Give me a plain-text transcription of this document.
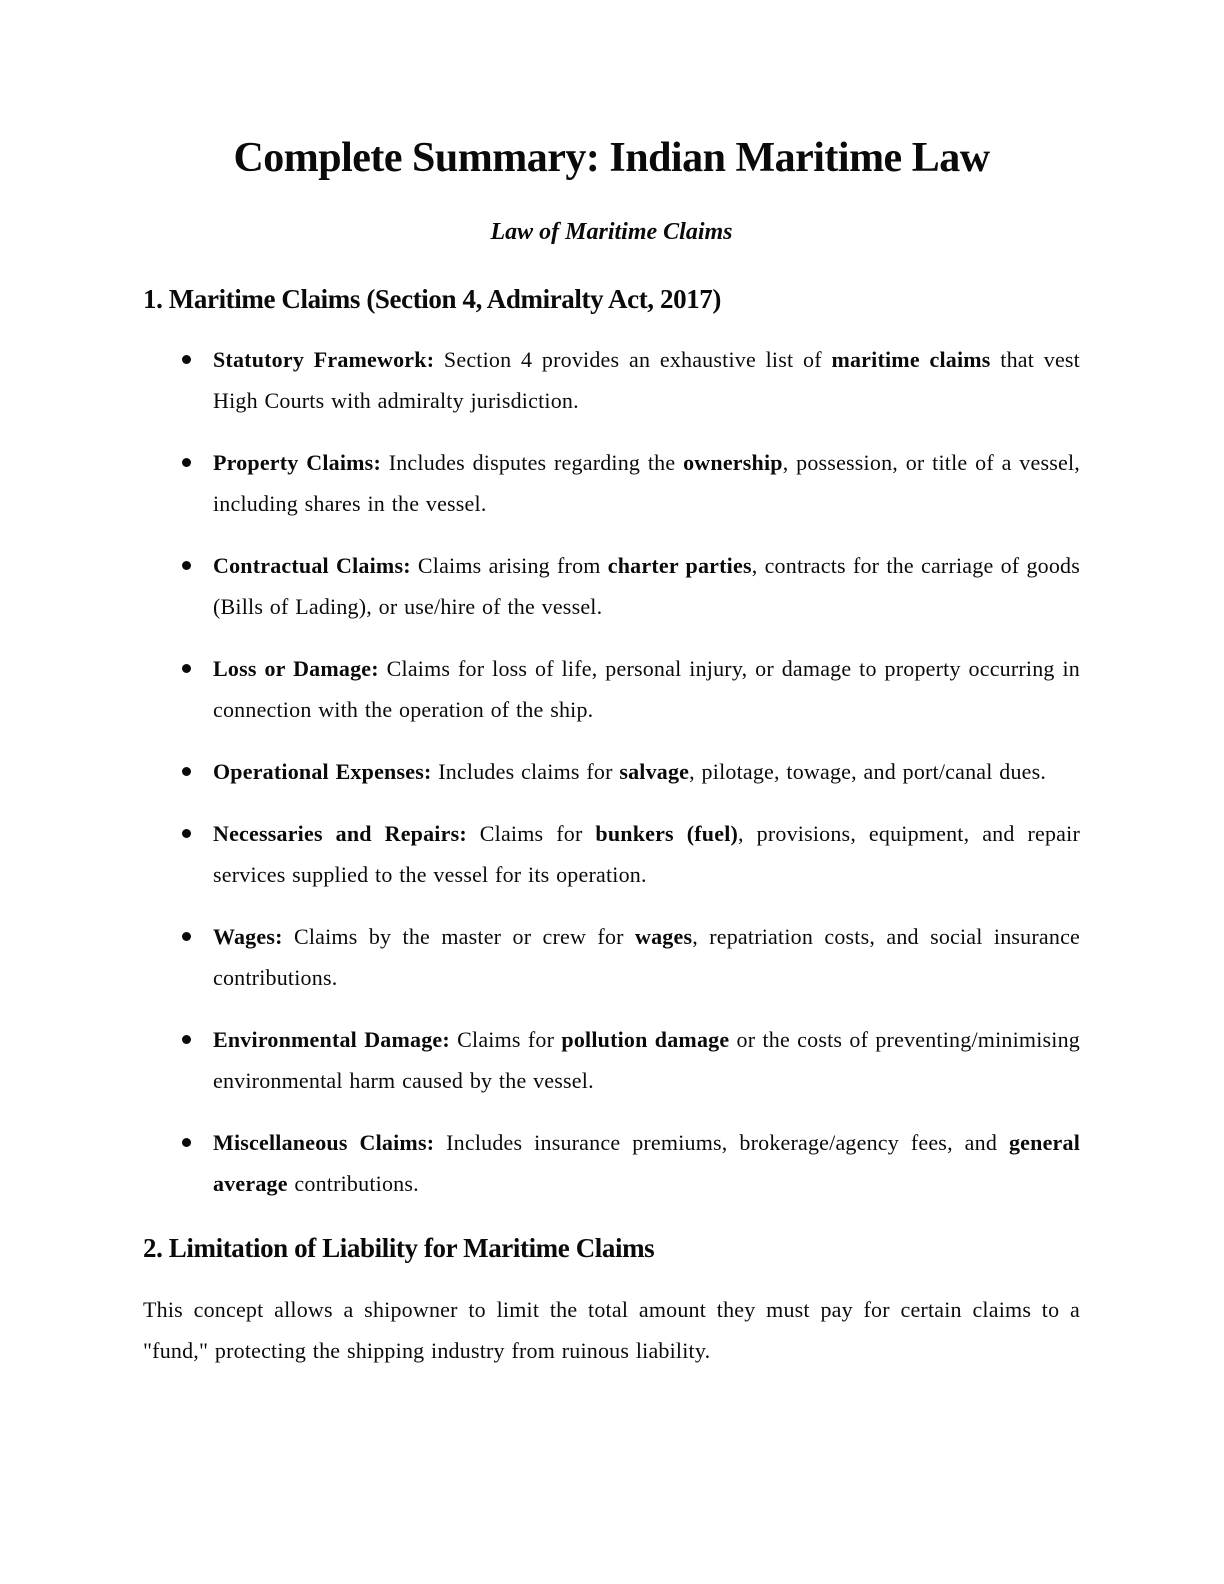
Complete Summary: Indian Maritime Law
Law of Maritime Claims
1. Maritime Claims (Section 4, Admiralty Act, 2017)
Statutory Framework: Section 4 provides an exhaustive list of maritime claims that vest High Courts with admiralty jurisdiction.
Property Claims: Includes disputes regarding the ownership, possession, or title of a vessel, including shares in the vessel.
Contractual Claims: Claims arising from charter parties, contracts for the carriage of goods (Bills of Lading), or use/hire of the vessel.
Loss or Damage: Claims for loss of life, personal injury, or damage to property occurring in connection with the operation of the ship.
Operational Expenses: Includes claims for salvage, pilotage, towage, and port/canal dues.
Necessaries and Repairs: Claims for bunkers (fuel), provisions, equipment, and repair services supplied to the vessel for its operation.
Wages: Claims by the master or crew for wages, repatriation costs, and social insurance contributions.
Environmental Damage: Claims for pollution damage or the costs of preventing/minimising environmental harm caused by the vessel.
Miscellaneous Claims: Includes insurance premiums, brokerage/agency fees, and general average contributions.
2. Limitation of Liability for Maritime Claims

This concept allows a shipowner to limit the total amount they must pay for certain claims to a "fund," protecting the shipping industry from ruinous liability.
